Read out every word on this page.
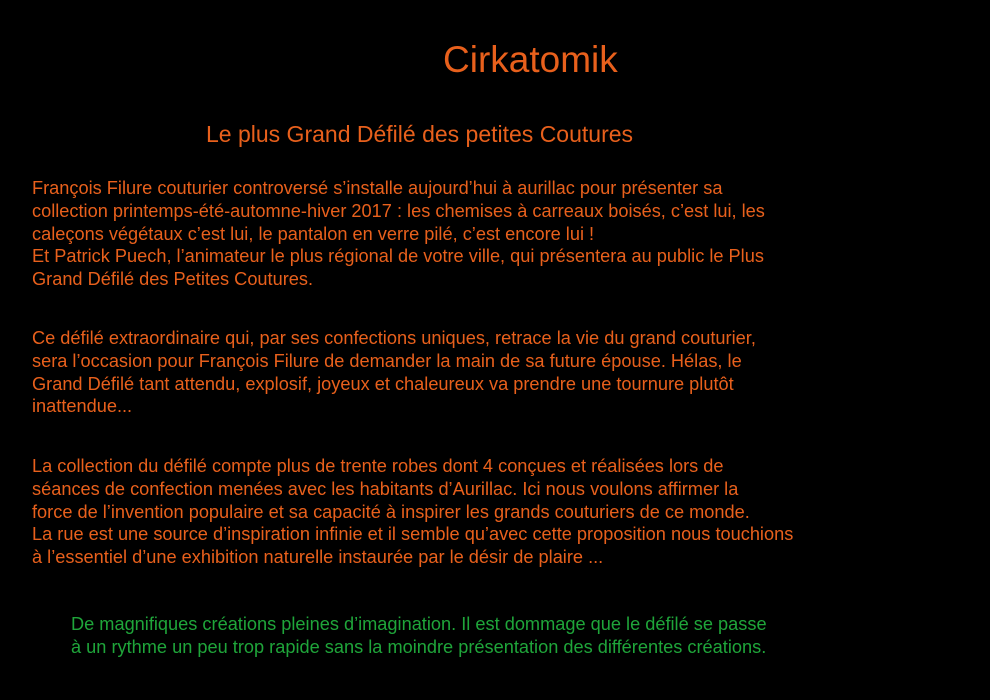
Cirkatomik
Le plus Grand Défilé des petites Coutures

François Filure couturier controversé s’installe aujourd’hui à aurillac pour présenter sa
collection printemps-été-automne-hiver 2017 : les chemises à carreaux boisés, c’est lui, les
caleçons végétaux c’est lui, le pantalon en verre pilé, c’est encore lui !
Et Patrick Puech, l’animateur le plus régional de votre ville, qui présentera au public le Plus
Grand Défilé des Petites Coutures.

Ce défilé extraordinaire qui, par ses confections uniques, retrace la vie du grand couturier,
sera l’occasion pour François Filure de demander la main de sa future épouse. Hélas, le
Grand Défilé tant attendu, explosif, joyeux et chaleureux va prendre une tournure plutôt
inattendue...

La collection du défilé compte plus de trente robes dont 4 conçues et réalisées lors de
séances de confection menées avec les habitants d’Aurillac. Ici nous voulons affirmer la
force de l’invention populaire et sa capacité à inspirer les grands couturiers de ce monde.
La rue est une source d’inspiration infinie et il semble qu’avec cette proposition nous touchions
à l’essentiel d’une exhibition naturelle instaurée par le désir de plaire ...

De magnifiques créations pleines d’imagination. Il est dommage que le défilé se passe
à un rythme un peu trop rapide sans la moindre présentation des différentes créations.
